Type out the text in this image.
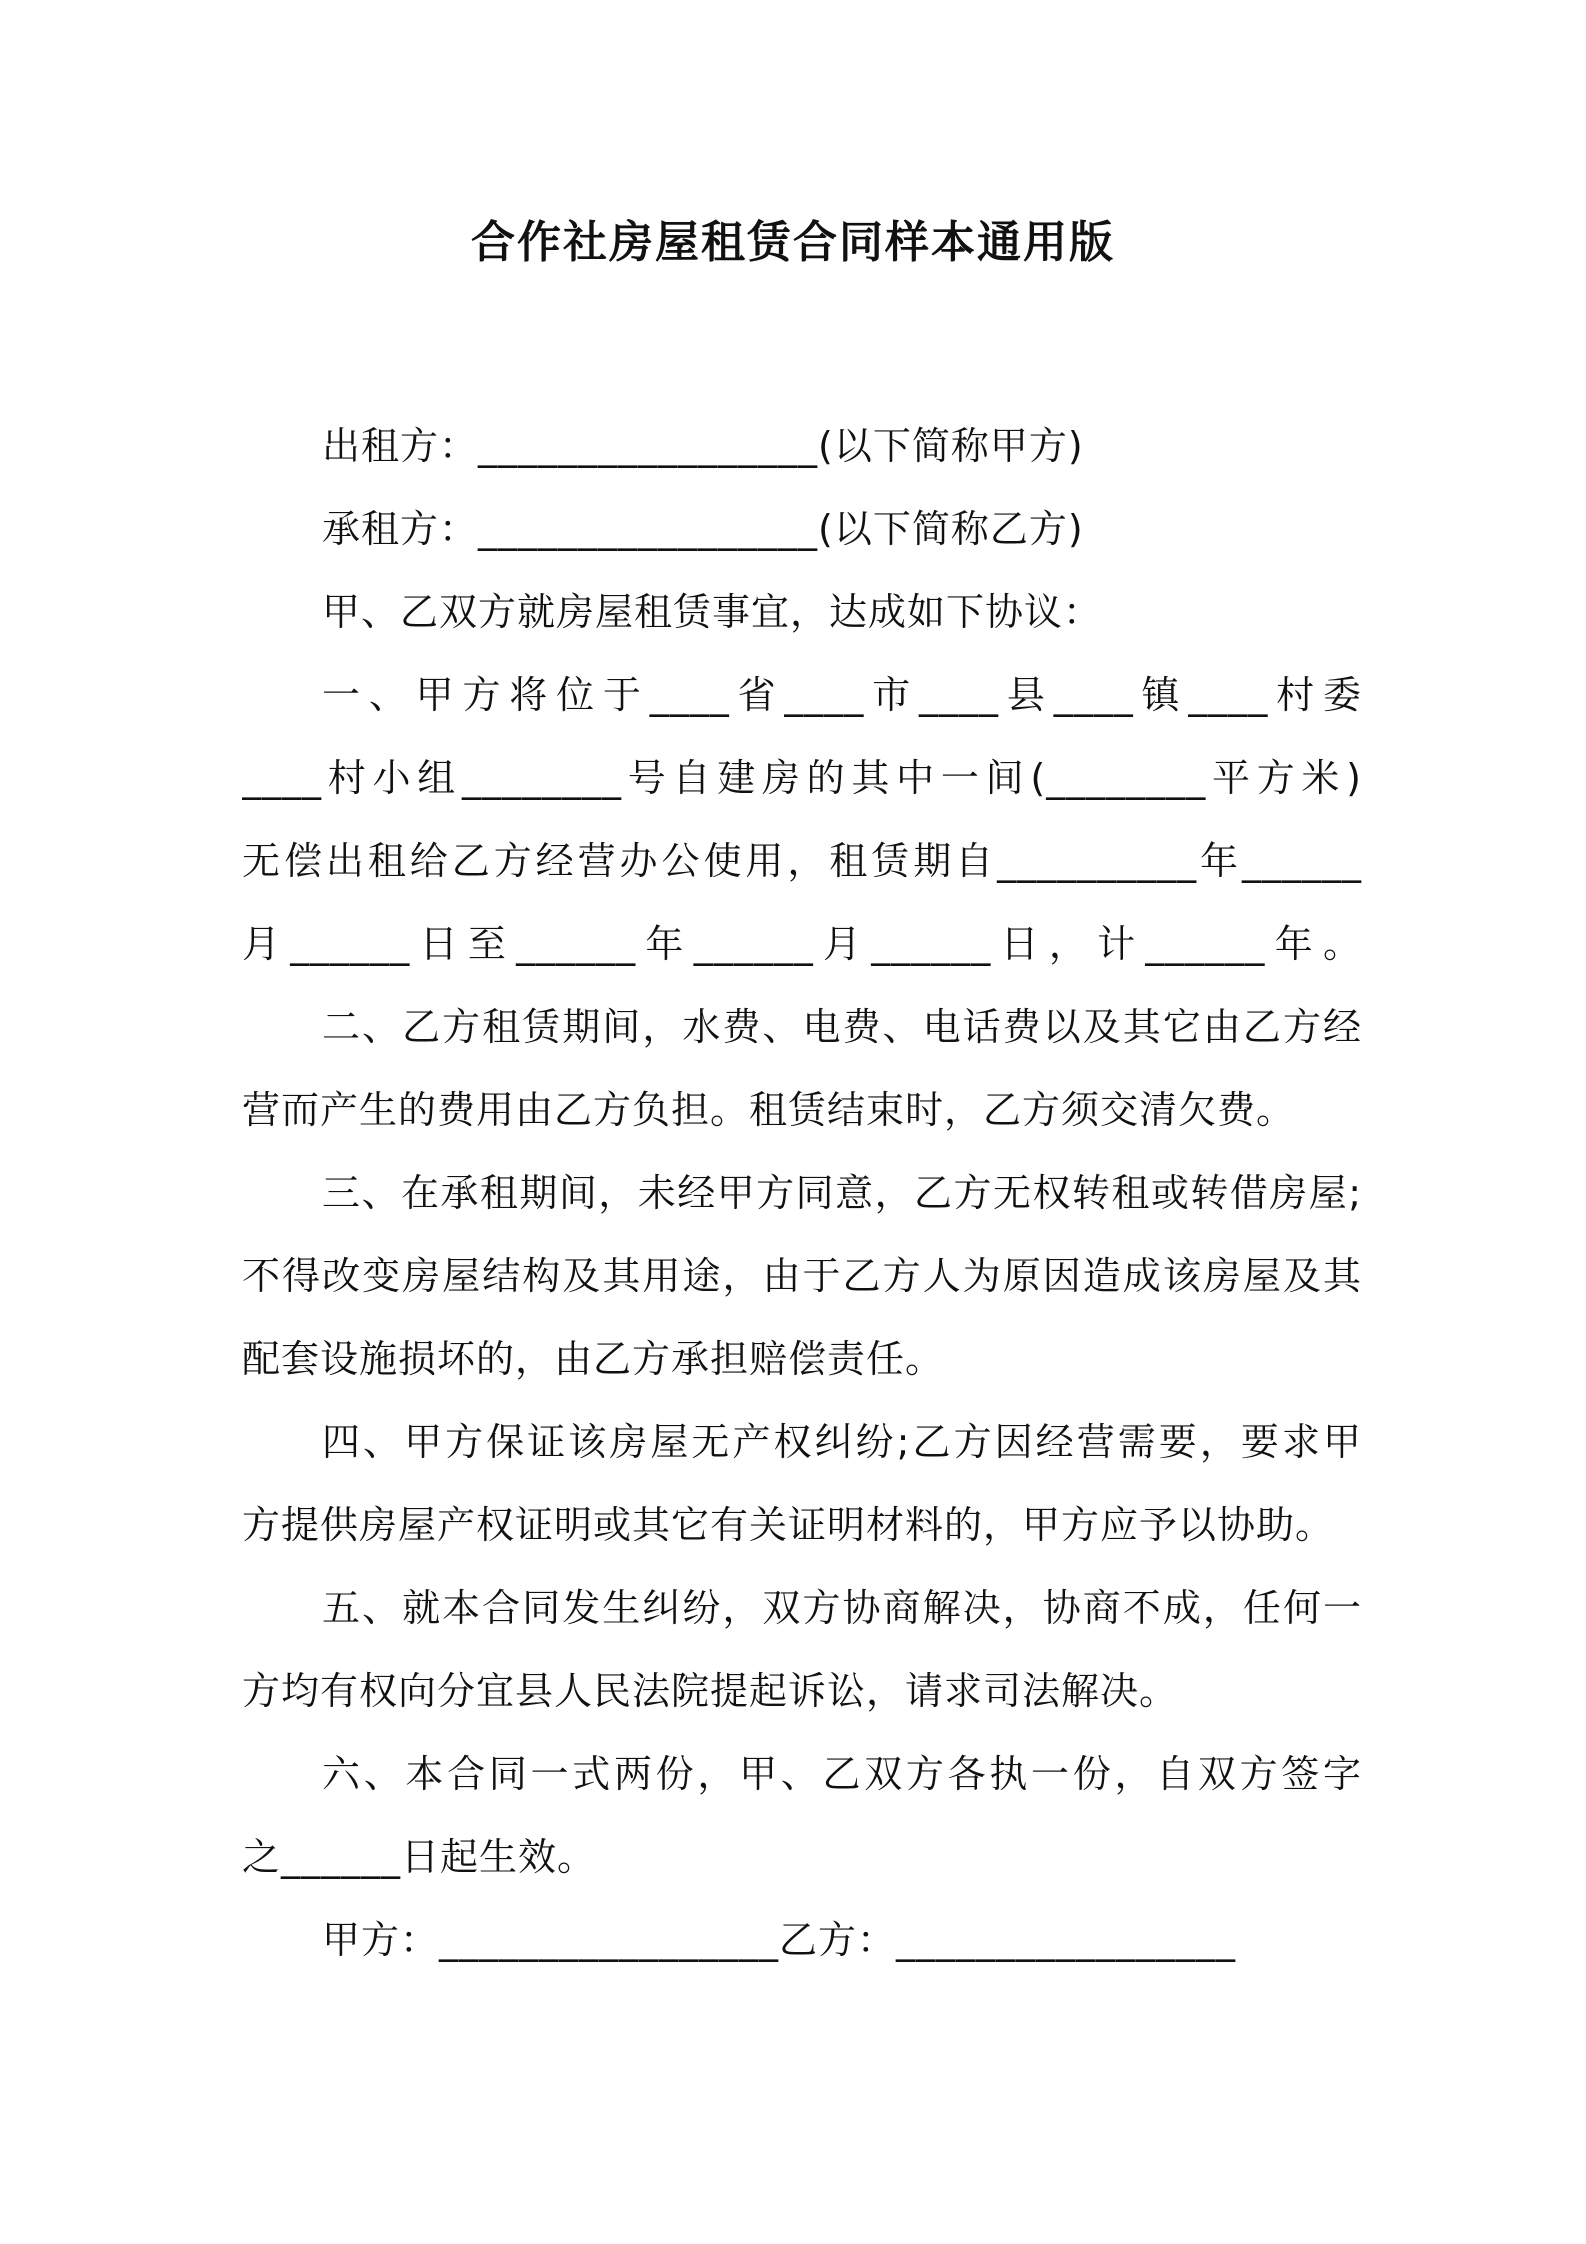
合作社房屋租赁合同样本通用版
出租方：_________________(以下简称甲方)
承租方：_________________(以下简称乙方)
甲、乙双方就房屋租赁事宜，达成如下协议：
一、甲方将位于____省____市____县____镇____村委
____村小组________号自建房的其中一间(________平方米)
无偿出租给乙方经营办公使用，租赁期自__________年______
月______日至______年______月______日，计______年。
二、乙方租赁期间，水费、电费、电话费以及其它由乙方经
营而产生的费用由乙方负担。租赁结束时，乙方须交清欠费。
三、在承租期间，未经甲方同意，乙方无权转租或转借房屋;
不得改变房屋结构及其用途，由于乙方人为原因造成该房屋及其
配套设施损坏的，由乙方承担赔偿责任。
四、甲方保证该房屋无产权纠纷;乙方因经营需要，要求甲
方提供房屋产权证明或其它有关证明材料的，甲方应予以协助。
五、就本合同发生纠纷，双方协商解决，协商不成，任何一
方均有权向分宜县人民法院提起诉讼，请求司法解决。
六、本合同一式两份，甲、乙双方各执一份，自双方签字
之______日起生效。
甲方：_________________乙方：_________________
